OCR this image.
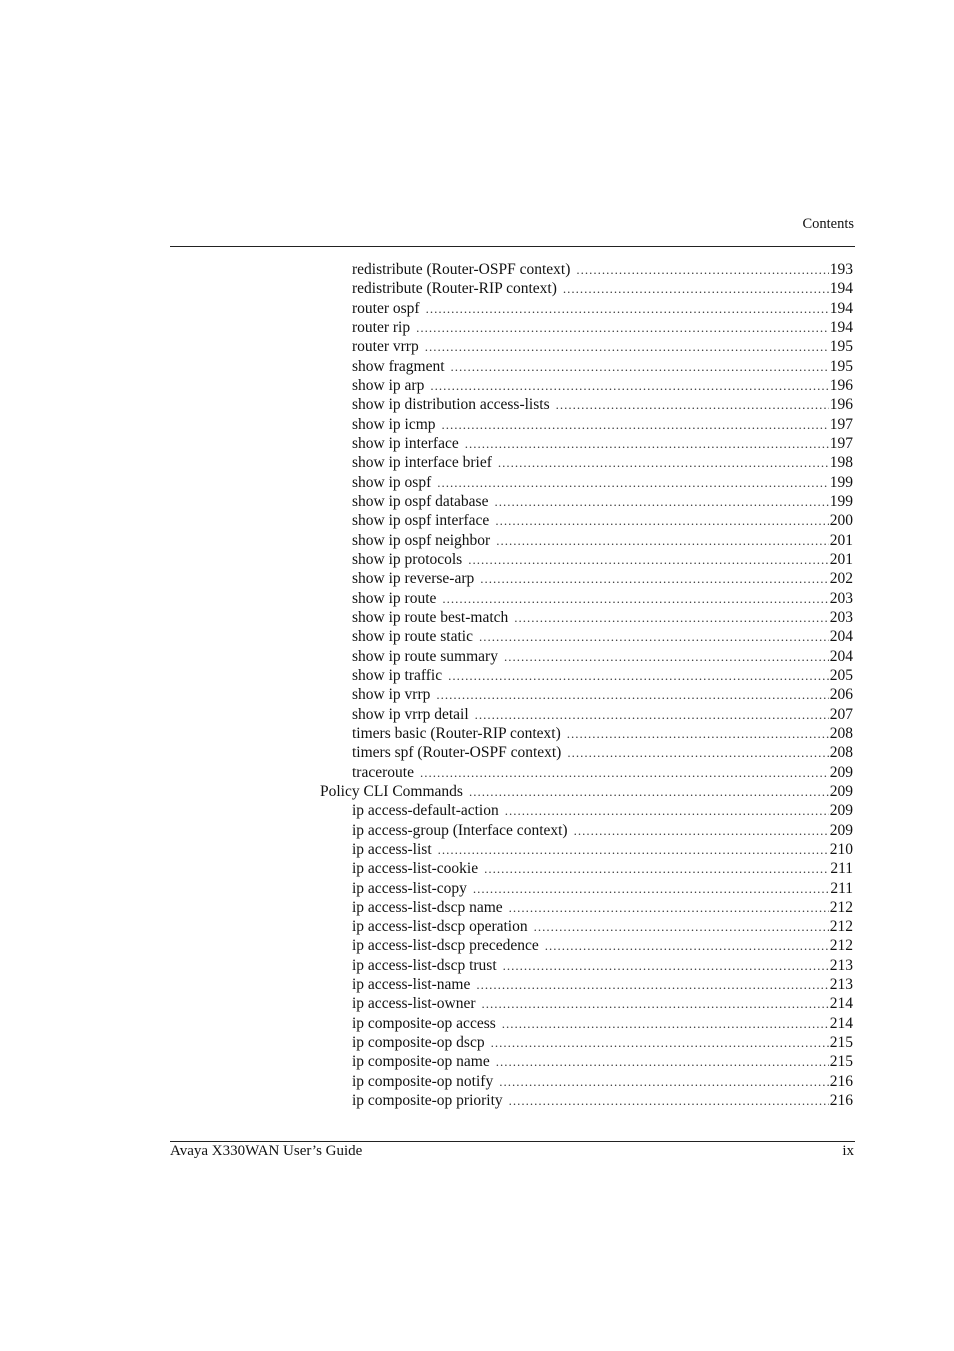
Contents
redistribute (Router-OSPF context) .....	193
redistribute (Router-RIP context) .....	194
router ospf .....	194
router rip .....	194
router vrrp .....	195
show fragment .....	195
show ip arp .....	196
show ip distribution access-lists .....	196
show ip icmp .....	197
show ip interface .....	197
show ip interface brief .....	198
show ip ospf .....	199
show ip ospf database .....	199
show ip ospf interface .....	200
show ip ospf neighbor .....	201
show ip protocols .....	201
show ip reverse-arp .....	202
show ip route .....	203
show ip route best-match .....	203
show ip route static .....	204
show ip route summary .....	204
show ip traffic .....	205
show ip vrrp .....	206
show ip vrrp detail .....	207
timers basic (Router-RIP context) .....	208
timers spf (Router-OSPF context) .....	208
traceroute .....	209
Policy CLI Commands .....	209
ip access-default-action .....	209
ip access-group (Interface context) .....	209
ip access-list .....	210
ip access-list-cookie .....	211
ip access-list-copy .....	211
ip access-list-dscp name .....	212
ip access-list-dscp operation .....	212
ip access-list-dscp precedence .....	212
ip access-list-dscp trust .....	213
ip access-list-name .....	213
ip access-list-owner .....	214
ip composite-op access .....	214
ip composite-op dscp .....	215
ip composite-op name .....	215
ip composite-op notify .....	216
ip composite-op priority .....	216
Avaya X330WAN User’s Guide	ix
